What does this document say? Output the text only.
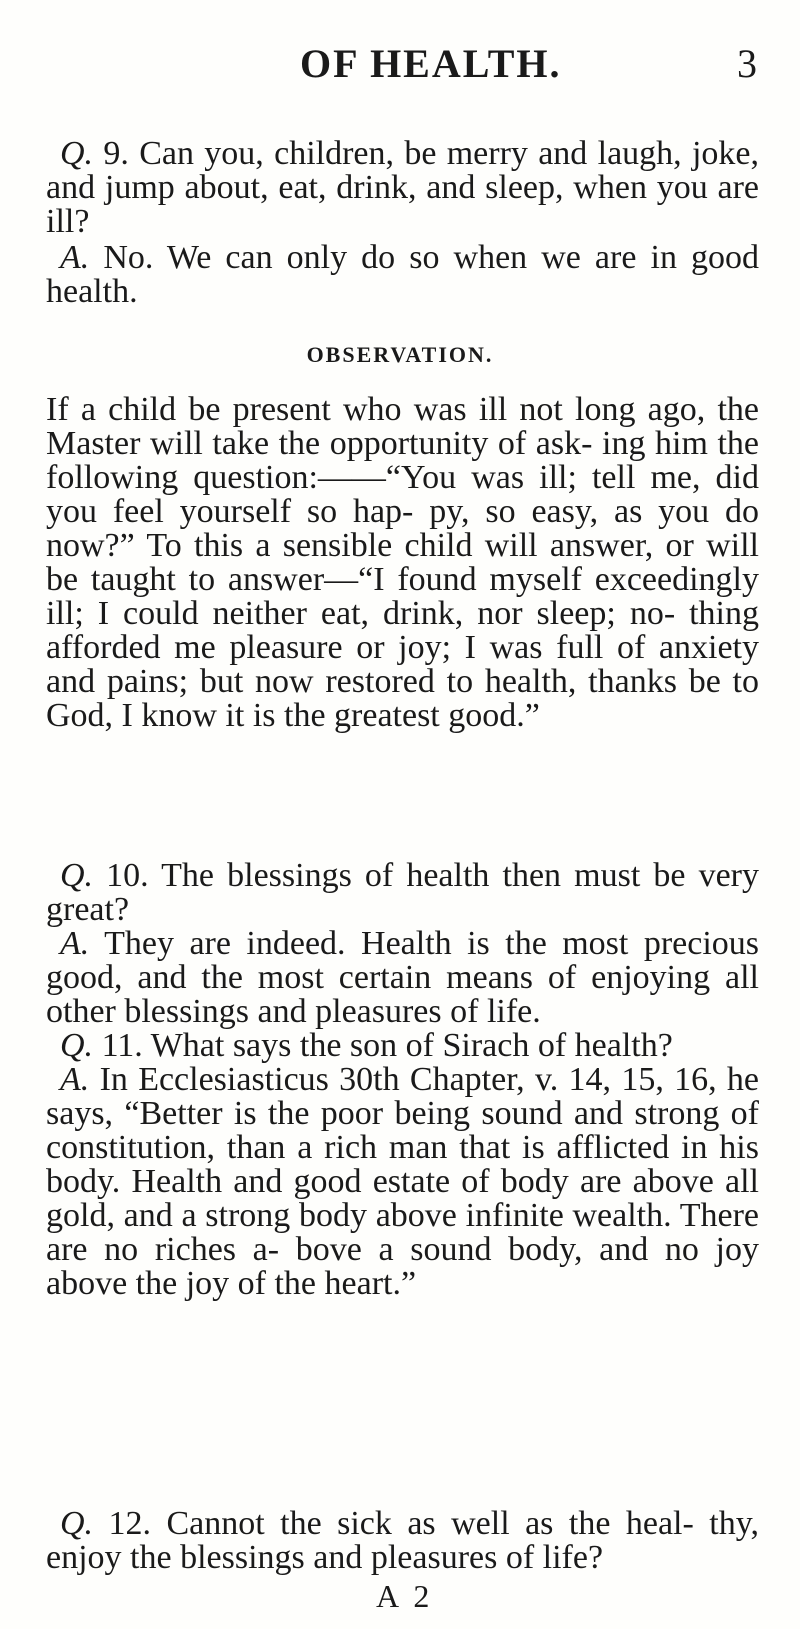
OF HEALTH.	3

Q. 9. Can you, children, be merry and laugh, joke, and jump about, eat, drink, and sleep, when you are ill?

A. No. We can only do so when we are in good health.

OBSERVATION.

If a child be present who was ill not long ago, the Master will take the opportunity of ask- ing him the following question:——“You was ill; tell me, did you feel yourself so hap- py, so easy, as you do now?” To this a sensible child will answer, or will be taught to answer—“I found myself exceedingly ill; I could neither eat, drink, nor sleep; no- thing afforded me pleasure or joy; I was full of anxiety and pains; but now restored to health, thanks be to God, I know it is the greatest good.”

Q. 10. The blessings of health then must be very great?

A. They are indeed. Health is the most precious good, and the most certain means of enjoying all other blessings and pleasures of life.

Q. 11. What says the son of Sirach of health?

A. In Ecclesiasticus 30th Chapter, v. 14, 15, 16, he says, “Better is the poor being sound and strong of constitution, than a rich man that is afflicted in his body. Health and good estate of body are above all gold, and a strong body above infinite wealth. There are no riches a- bove a sound body, and no joy above the joy of the heart.”

Q. 12. Cannot the sick as well as the heal- thy, enjoy the blessings and pleasures of life?

A 2
